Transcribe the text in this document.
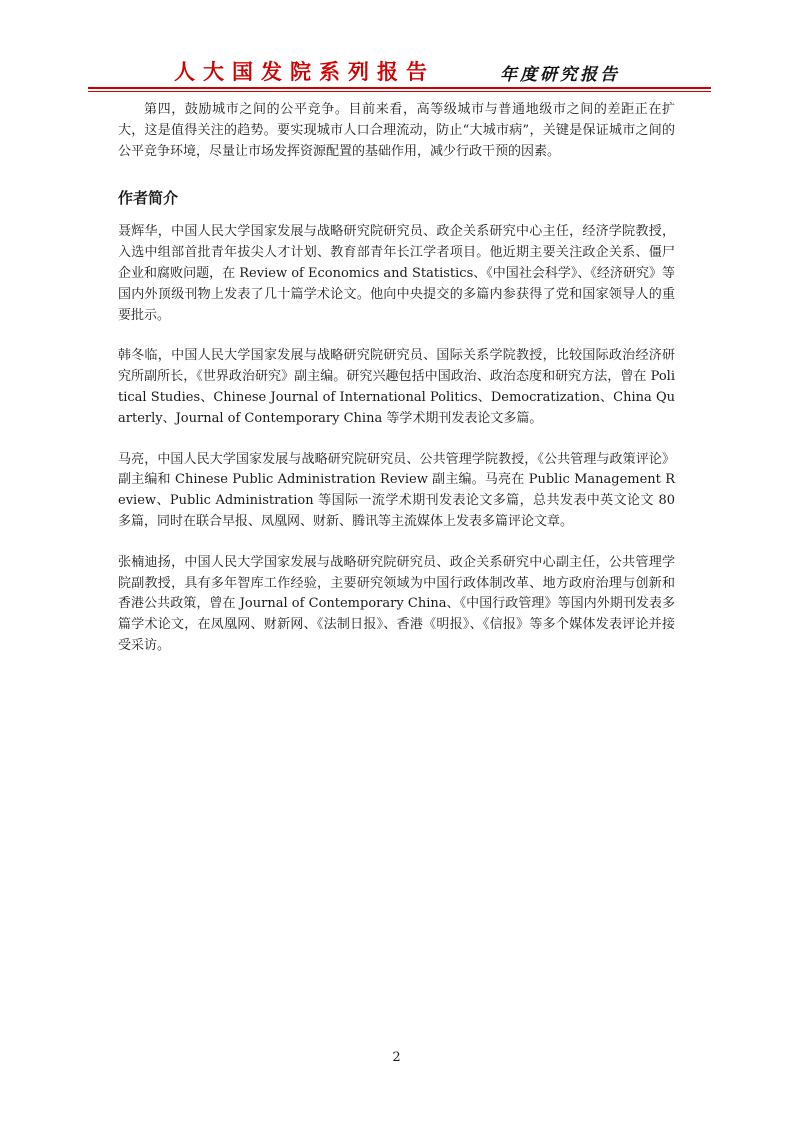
人大国发院系列报告	年度研究报告

第四，鼓励城市之间的公平竞争。目前来看，高等级城市与普通地级市之间的差距正在扩大，这是值得关注的趋势。要实现城市人口合理流动，防止“大城市病”，关键是保证城市之间的公平竞争环境，尽量让市场发挥资源配置的基础作用，减少行政干预的因素。

作者简介

聂辉华，中国人民大学国家发展与战略研究院研究员、政企关系研究中心主任，经济学院教授，入选中组部首批青年拔尖人才计划、教育部青年长江学者项目。他近期主要关注政企关系、僵尸企业和腐败问题，在 Review of Economics and Statistics、《中国社会科学》、《经济研究》等国内外顶级刊物上发表了几十篇学术论文。他向中央提交的多篇内参获得了党和国家领导人的重要批示。

韩冬临，中国人民大学国家发展与战略研究院研究员、国际关系学院教授，比较国际政治经济研究所副所长，《世界政治研究》副主编。研究兴趣包括中国政治、政治态度和研究方法，曾在 Political Studies、Chinese Journal of International Politics、Democratization、China Quarterly、Journal of Contemporary China 等学术期刊发表论文多篇。

马亮，中国人民大学国家发展与战略研究院研究员、公共管理学院教授，《公共管理与政策评论》副主编和 Chinese Public Administration Review 副主编。马亮在 Public Management Review、Public Administration 等国际一流学术期刊发表论文多篇，总共发表中英文论文 80 多篇，同时在联合早报、凤凰网、财新、腾讯等主流媒体上发表多篇评论文章。

张楠迪扬，中国人民大学国家发展与战略研究院研究员、政企关系研究中心副主任，公共管理学院副教授，具有多年智库工作经验，主要研究领域为中国行政体制改革、地方政府治理与创新和香港公共政策，曾在 Journal of Contemporary China、《中国行政管理》等国内外期刊发表多篇学术论文，在凤凰网、财新网、《法制日报》、香港《明报》、《信报》等多个媒体发表评论并接受采访。

2
